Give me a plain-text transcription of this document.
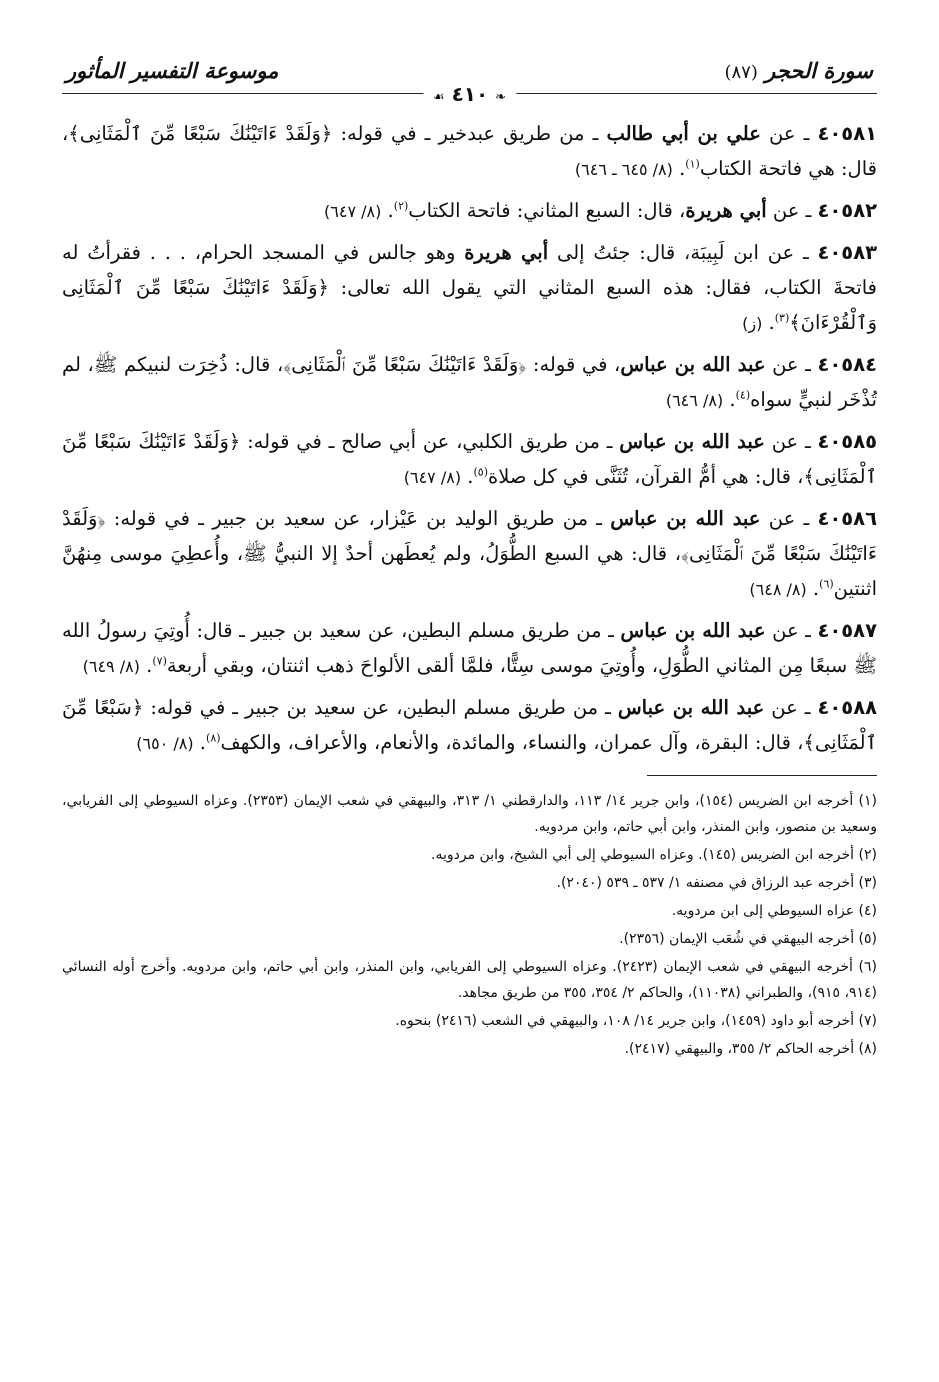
سورة الحجر (٨٧)
موسوعة التفسير المأثور
❧ ٤١٠ ☙

٤٠٥٨١ ـ عن علي بن أبي طالب ـ من طريق عبدخير ـ في قوله: ﴿وَلَقَدْ ءَاتَيْنَٰكَ سَبْعًا مِّنَ ٱلْمَثَانِى﴾، قال: هي فاتحة الكتاب$^{(١)}$. (٨/ ٦٤٥ ـ ٦٤٦)

٤٠٥٨٢ ـ عن أبي هريرة، قال: السبع المثاني: فاتحة الكتاب$^{(٢)}$. (٨/ ٦٤٧)

٤٠٥٨٣ ـ عن ابن لَبِيبَة، قال: جئتُ إلى أبي هريرة وهو جالس في المسجد الحرام، . . . فقرأتُ له فاتحةَ الكتاب، فقال: هذه السبع المثاني التي يقول الله تعالى: ﴿وَلَقَدْ ءَاتَيْنَٰكَ سَبْعًا مِّنَ ٱلْمَثَانِى وَٱلْقُرْءَانَ﴾$^{(٣)}$. (ز)

٤٠٥٨٤ ـ عن عبد الله بن عباس، في قوله: ﴿وَلَقَدْ ءَاتَيْنَٰكَ سَبْعًا مِّنَ ٱلْمَثَانِى﴾، قال: ذُخِرَت لنبيكم ﷺ، لم تُذْخَر لنبيٍّ سواه$^{(٤)}$. (٨/ ٦٤٦)

٤٠٥٨٥ ـ عن عبد الله بن عباس ـ من طريق الكلبي، عن أبي صالح ـ في قوله: ﴿وَلَقَدْ ءَاتَيْنَٰكَ سَبْعًا مِّنَ ٱلْمَثَانِى﴾، قال: هي أمُّ القرآن، تُثَنَّى في كل صلاة$^{(٥)}$. (٨/ ٦٤٧)

٤٠٥٨٦ ـ عن عبد الله بن عباس ـ من طريق الوليد بن عَيْزار، عن سعيد بن جبير ـ في قوله: ﴿وَلَقَدْ ءَاتَيْنَٰكَ سَبْعًا مِّنَ ٱلْمَثَانِى﴾، قال: هي السبع الطُّوَلُ، ولم يُعطَهن أحدٌ إلا النبيُّ ﷺ، وأُعطِيَ موسى مِنهُنَّ اثنتين$^{(٦)}$. (٨/ ٦٤٨)

٤٠٥٨٧ ـ عن عبد الله بن عباس ـ من طريق مسلم البطين، عن سعيد بن جبير ـ قال: أُوتِيَ رسولُ الله ﷺ سبعًا مِن المثاني الطُّوَلِ، وأُوتِيَ موسى سِتًّا، فلمَّا ألقى الألواحَ ذهب اثنتان، وبقي أربعة$^{(٧)}$. (٨/ ٦٤٩)

٤٠٥٨٨ ـ عن عبد الله بن عباس ـ من طريق مسلم البطين، عن سعيد بن جبير ـ في قوله: ﴿سَبْعًا مِّنَ ٱلْمَثَانِى﴾، قال: البقرة، وآل عمران، والنساء، والمائدة، والأنعام، والأعراف، والكهف$^{(٨)}$. (٨/ ٦٥٠)

(١) أخرجه ابن الضريس (١٥٤)، وابن جرير ١٤/ ١١٣، والدارقطني ١/ ٣١٣، والبيهقي في شعب الإيمان (٢٣٥٣). وعزاه السيوطي إلى الفريابي، وسعيد بن منصور، وابن المنذر، وابن أبي حاتم، وابن مردويه.
(٢) أخرجه ابن الضريس (١٤٥). وعزاه السيوطي إلى أبي الشيخ، وابن مردويه.
(٣) أخرجه عبد الرزاق في مصنفه ١/ ٥٣٧ ـ ٥٣٩ (٢٠٤٠).
(٤) عزاه السيوطي إلى ابن مردويه.
(٥) أخرجه البيهقي في شُعَب الإيمان (٢٣٥٦).
(٦) أخرجه البيهقي في شعب الإيمان (٢٤٢٣). وعزاه السيوطي إلى الفريابي، وابن المنذر، وابن أبي حاتم، وابن مردويه. وأخرج أوله النسائي (٩١٤، ٩١٥)، والطبراني (١١٠٣٨)، والحاكم ٢/ ٣٥٤، ٣٥٥ من طريق مجاهد.
(٧) أخرجه أبو داود (١٤٥٩)، وابن جرير ١٤/ ١٠٨، والبيهقي في الشعب (٢٤١٦) بنحوه.
(٨) أخرجه الحاكم ٢/ ٣٥٥، والبيهقي (٢٤١٧).
